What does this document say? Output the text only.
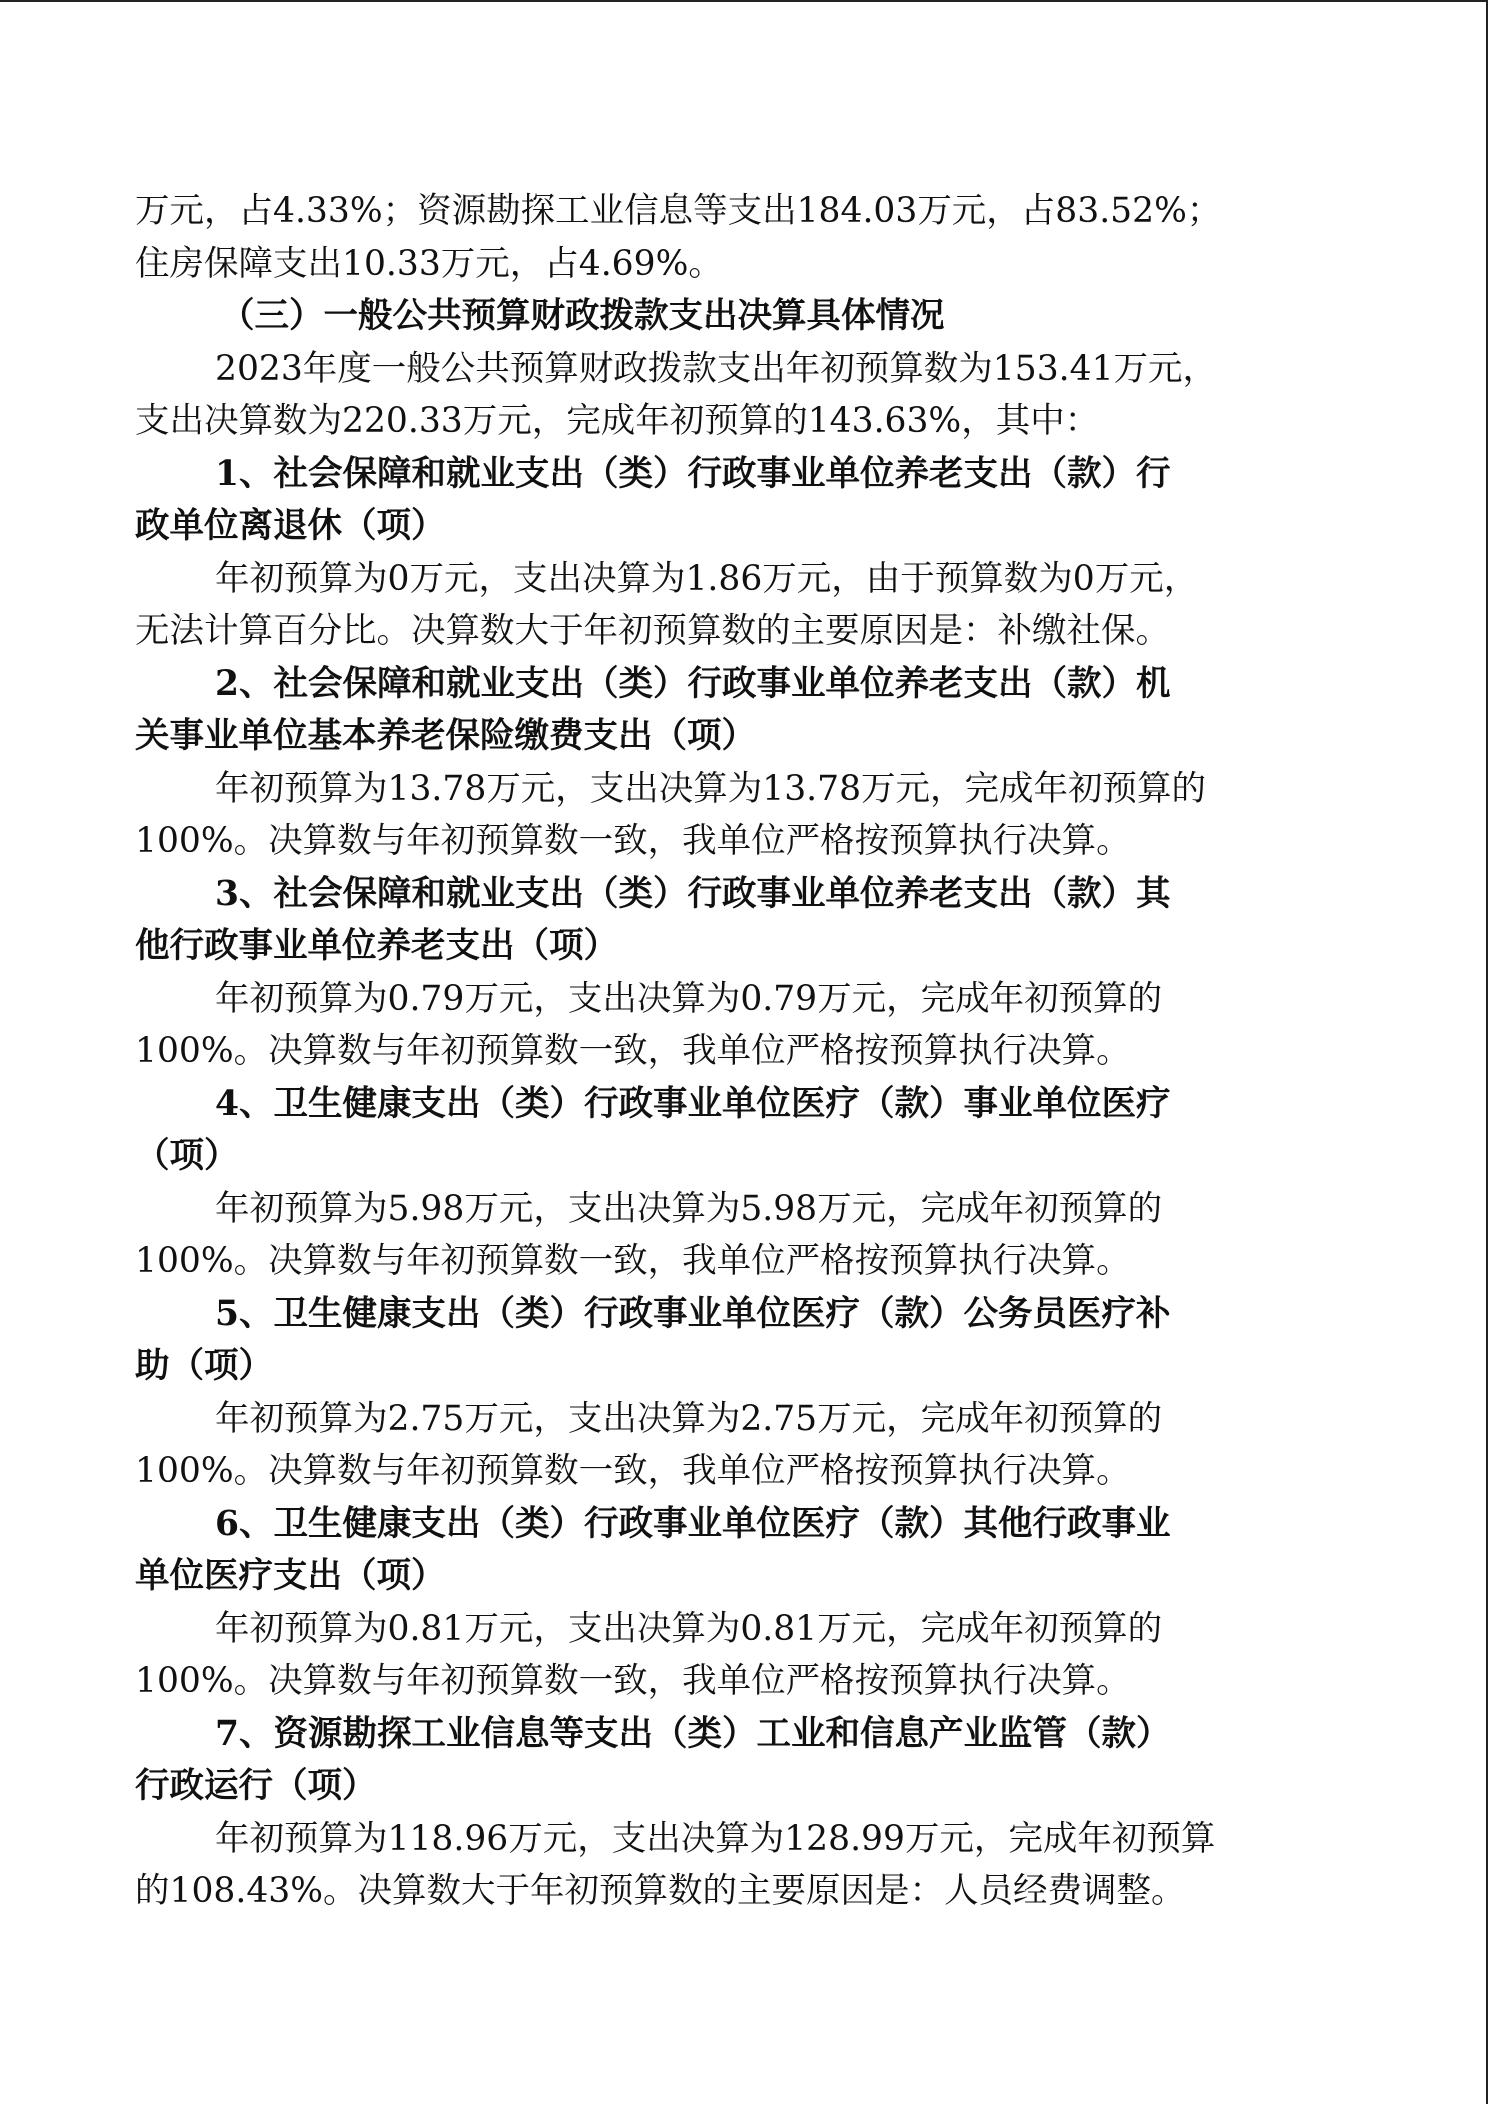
万元，占4.33%；资源勘探工业信息等支出184.03万元，占83.52%；
住房保障支出10.33万元，占4.69%。

（三）一般公共预算财政拨款支出决算具体情况

2023年度一般公共预算财政拨款支出年初预算数为153.41万元，
支出决算数为220.33万元，完成年初预算的143.63%，其中：

1、社会保障和就业支出（类）行政事业单位养老支出（款）行
政单位离退休（项）

年初预算为0万元，支出决算为1.86万元，由于预算数为0万元，
无法计算百分比。决算数大于年初预算数的主要原因是：补缴社保。

2、社会保障和就业支出（类）行政事业单位养老支出（款）机
关事业单位基本养老保险缴费支出（项）

年初预算为13.78万元，支出决算为13.78万元，完成年初预算的
100%。决算数与年初预算数一致，我单位严格按预算执行决算。

3、社会保障和就业支出（类）行政事业单位养老支出（款）其
他行政事业单位养老支出（项）

年初预算为0.79万元，支出决算为0.79万元，完成年初预算的
100%。决算数与年初预算数一致，我单位严格按预算执行决算。

4、卫生健康支出（类）行政事业单位医疗（款）事业单位医疗
（项）

年初预算为5.98万元，支出决算为5.98万元，完成年初预算的
100%。决算数与年初预算数一致，我单位严格按预算执行决算。

5、卫生健康支出（类）行政事业单位医疗（款）公务员医疗补
助（项）

年初预算为2.75万元，支出决算为2.75万元，完成年初预算的
100%。决算数与年初预算数一致，我单位严格按预算执行决算。

6、卫生健康支出（类）行政事业单位医疗（款）其他行政事业
单位医疗支出（项）

年初预算为0.81万元，支出决算为0.81万元，完成年初预算的
100%。决算数与年初预算数一致，我单位严格按预算执行决算。

7、资源勘探工业信息等支出（类）工业和信息产业监管（款）
行政运行（项）

年初预算为118.96万元，支出决算为128.99万元，完成年初预算
的108.43%。决算数大于年初预算数的主要原因是：人员经费调整。
